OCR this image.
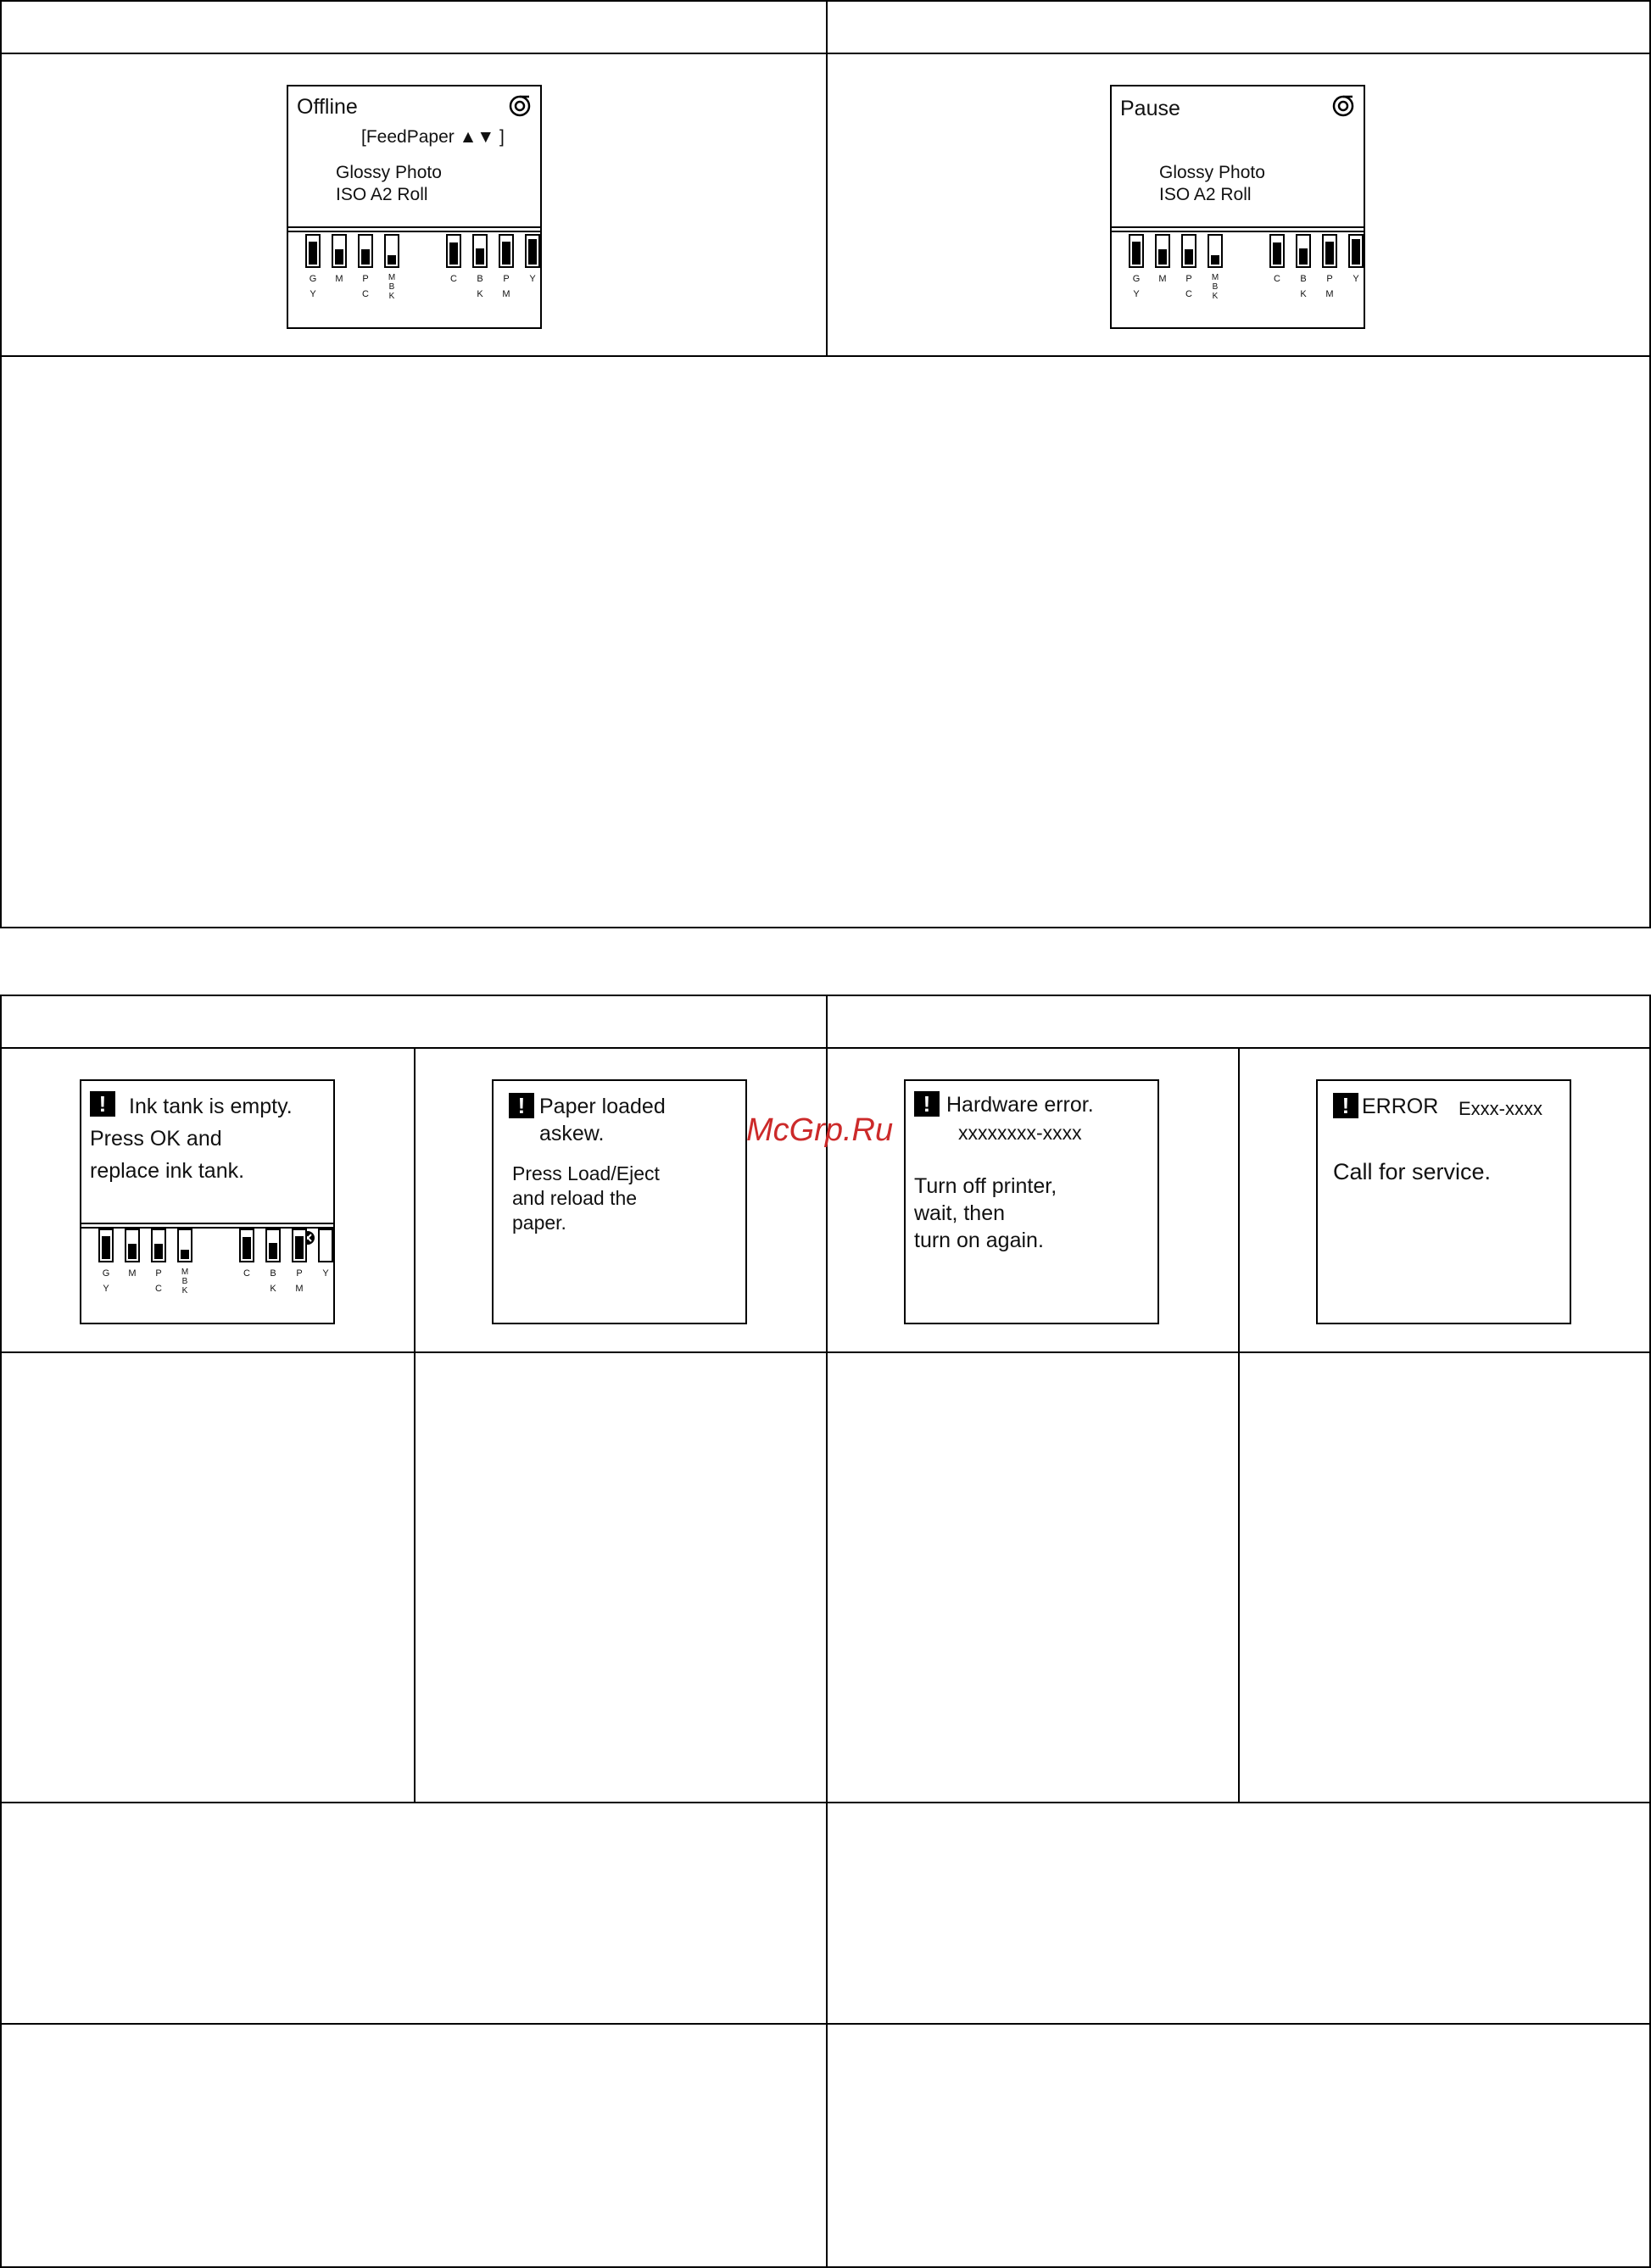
Offline
[FeedPaper ▲▼ ]
Glossy Photo
ISO A2 Roll
G
Y
M	P
C
M
B
K
C	B
K
P
M
Y
Pause
Glossy Photo
ISO A2 Roll
G
Y
M	P
C
M
B
K
C	B
K
P
M
Y
!	Ink tank is empty.
Press OK and
replace ink tank.
G
Y
M	P
C
M
B
K
C	B
K
P
M
Y
! Paper loaded
askew.
Press Load/Eject
and reload the
paper.
! Hardware error.
xxxxxxxx-xxxx
Turn off printer,
wait, then
turn on again.
! ERROR Exxx-xxxx
Call for service.
McGrp.Ru
